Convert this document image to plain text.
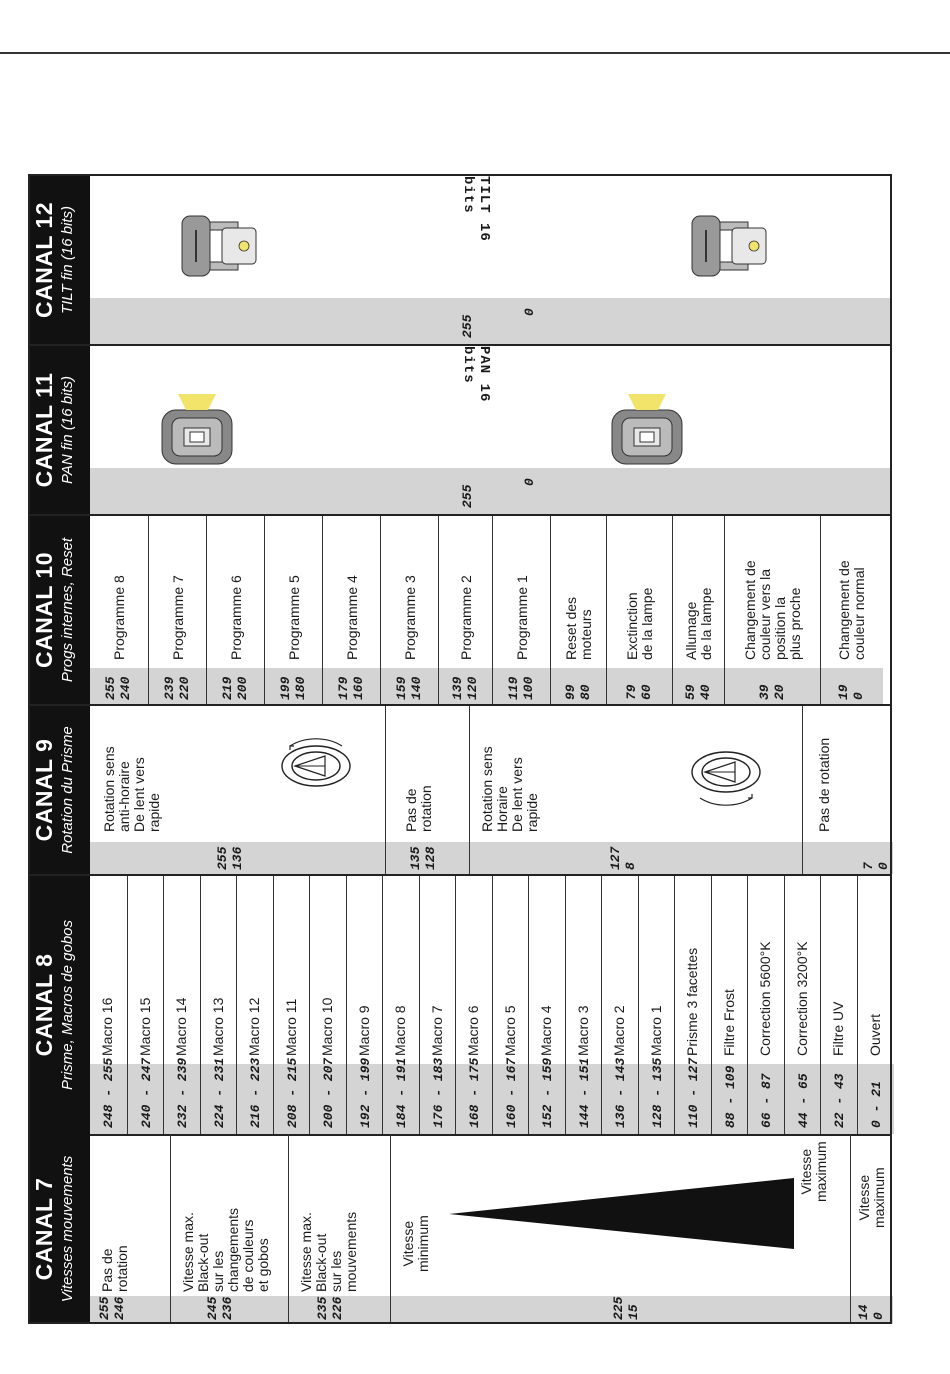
CANAL 7 Vitesses mouvements
255 246
Pas de
rotation
245 236
Vitesse max.
Black-out
sur les
changements
de couleurs
et gobos
235 226
Vitesse max.
Black-out
sur les
mouvements
225 15
Vitesse
minimum
Vitesse
maximum
14 0
Vitesse
maximum
CANAL 8 Prisme, Macros de gobos
248 - 255
Macro 16
240 - 247
Macro 15
232 - 239
Macro 14
224 - 231
Macro 13
216 - 223
Macro 12
208 - 215
Macro 11
200 - 207
Macro 10
192 - 199
Macro 9
184 - 191
Macro 8
176 - 183
Macro 7
168 - 175
Macro 6
160 - 167
Macro 5
152 - 159
Macro 4
144 - 151
Macro 3
136 - 143
Macro 2
128 - 135
Macro 1
110 - 127
Prisme 3 facettes
88 - 109
Filtre Frost
66 - 87
Correction 5600°K
44 - 65
Correction 3200°K
22 - 43
Filtre UV
0 - 21
Ouvert
CANAL 9 Rotation du Prisme
255 136
Rotation sens
anti-horaire
De lent vers
rapide
135 128
Pas de
rotation
127 8
Rotation sens
Horaire
De lent vers
rapide
7 0
Pas de rotation
CANAL 10 Progs internes, Reset
255 240
Programme 8
239 220
Programme 7
219 200
Programme 6
199 180
Programme 5
179 160
Programme 4
159 140
Programme 3
139 120
Programme 2
119 100
Programme 1
99 80
Reset des
moteurs
79 60
Exctinction
de la lampe
59 40
Allumage
de la lampe
39 20
Changement de
couleur vers la
position la
plus proche
19 0
Changement de
couleur normal
CANAL 11 PAN fin (16 bits)
255
0
PAN 16 bits
CANAL 12 TILT fin (16 bits)
255
0
TILT 16 bits
